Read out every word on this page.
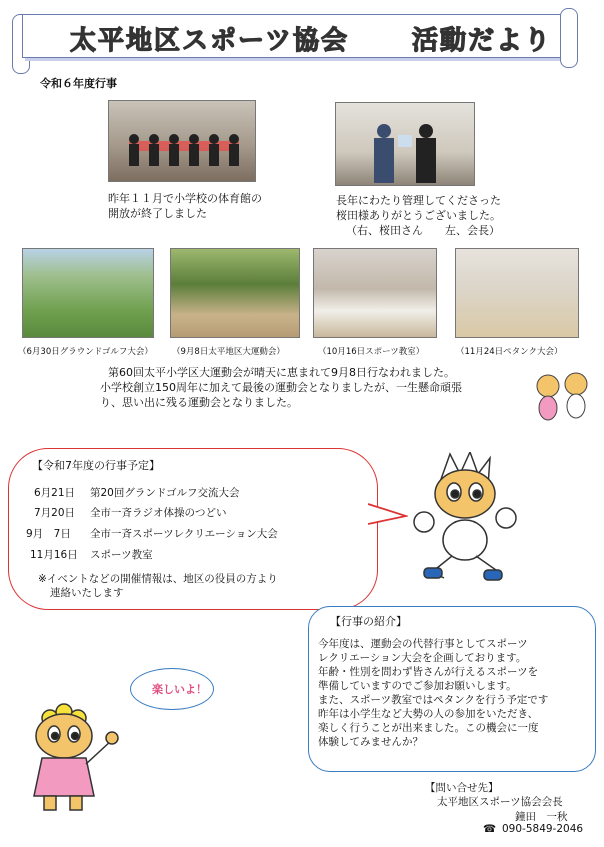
太平地区スポーツ協会 活動だより
令和６年度行事
昨年１１月で小学校の体育館の
開放が終了しました
長年にわたり管理してくださった
桜田様ありがとうございました。
（右、桜田さん　　左、会長）
（6月30日グラウンドゴルフ大会） （9月8日太平地区大運動会）	（10月16日スポーツ教室）	（11月24日ペタンク大会）
第60回太平小学区大運動会が晴天に恵まれて9月8日行なわれました。
小学校創立150周年に加えて最後の運動会となりましたが、一生懸命頑張
り、思い出に残る運動会となりました。
【令和7年度の行事予定】
6月21日 第20回グランドゴルフ交流大会
7月20日 全市一斉ラジオ体操のつどい
9月　7日 全市一斉スポーツレクリエーション大会
11月16日 スポーツ教室
※イベントなどの開催情報は、地区の役員の方より
連絡いたします
【行事の紹介】
今年度は、運動会の代替行事としてスポーツ
レクリエーション大会を企画しております。
年齢・性別を問わず皆さんが行えるスポーツを
準備していますのでご参加お願いします。
また、スポーツ教室ではペタンクを行う予定です
昨年は小学生など大勢の人の参加をいただき、
楽しく行うことが出来ました。この機会に一度
体験してみませんか？
楽しいよ！
【問い合せ先】
太平地区スポーツ協会会長
鐘田　一秋
☎ 090-5849-2046
